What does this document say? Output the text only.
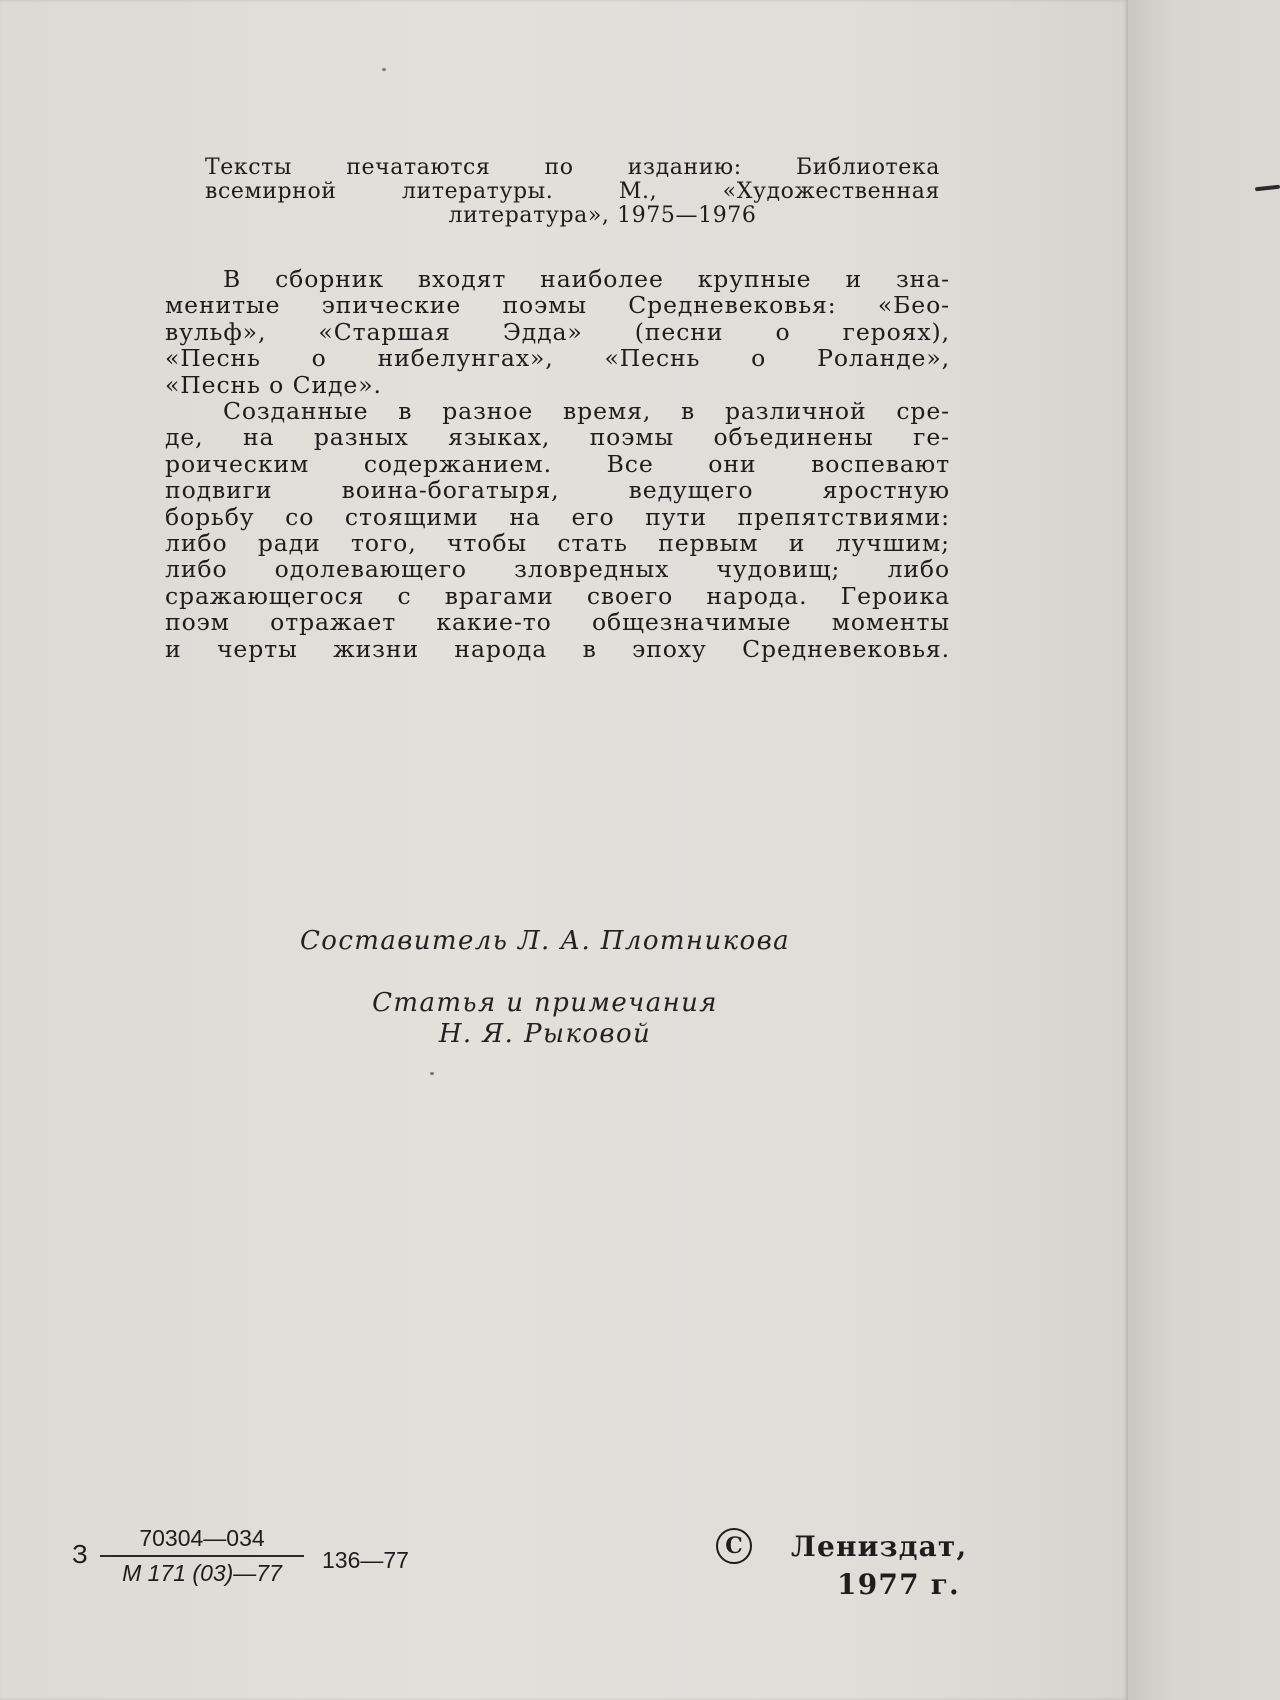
Тексты печатаются по изданию: Библиотека
всемирной литературы. М., «Художественная
литература», 1975—1976
В сборник входят наиболее крупные и зна-
менитые эпические поэмы Средневековья: «Бео-
вульф», «Старшая Эдда» (песни о героях),
«Песнь о нибелунгах», «Песнь о Роланде»,
«Песнь о Сиде».
Созданные в разное время, в различной сре-
де, на разных языках, поэмы объединены ге-
роическим содержанием. Все они воспевают
подвиги воина-богатыря, ведущего яростную
борьбу со стоящими на его пути препятствиями:
либо ради того, чтобы стать первым и лучшим;
либо одолевающего зловредных чудовищ; либо
сражающегося с врагами своего народа. Героика
поэм отражает какие-то общезначимые моменты
и черты жизни народа в эпоху Средневековья.
Составитель Л. А. Плотникова
Статья и примечания
Н. Я. Рыковой
З
70304—034
М 171 (03)—77	136—77
C	Лениздат,
1977 г.
